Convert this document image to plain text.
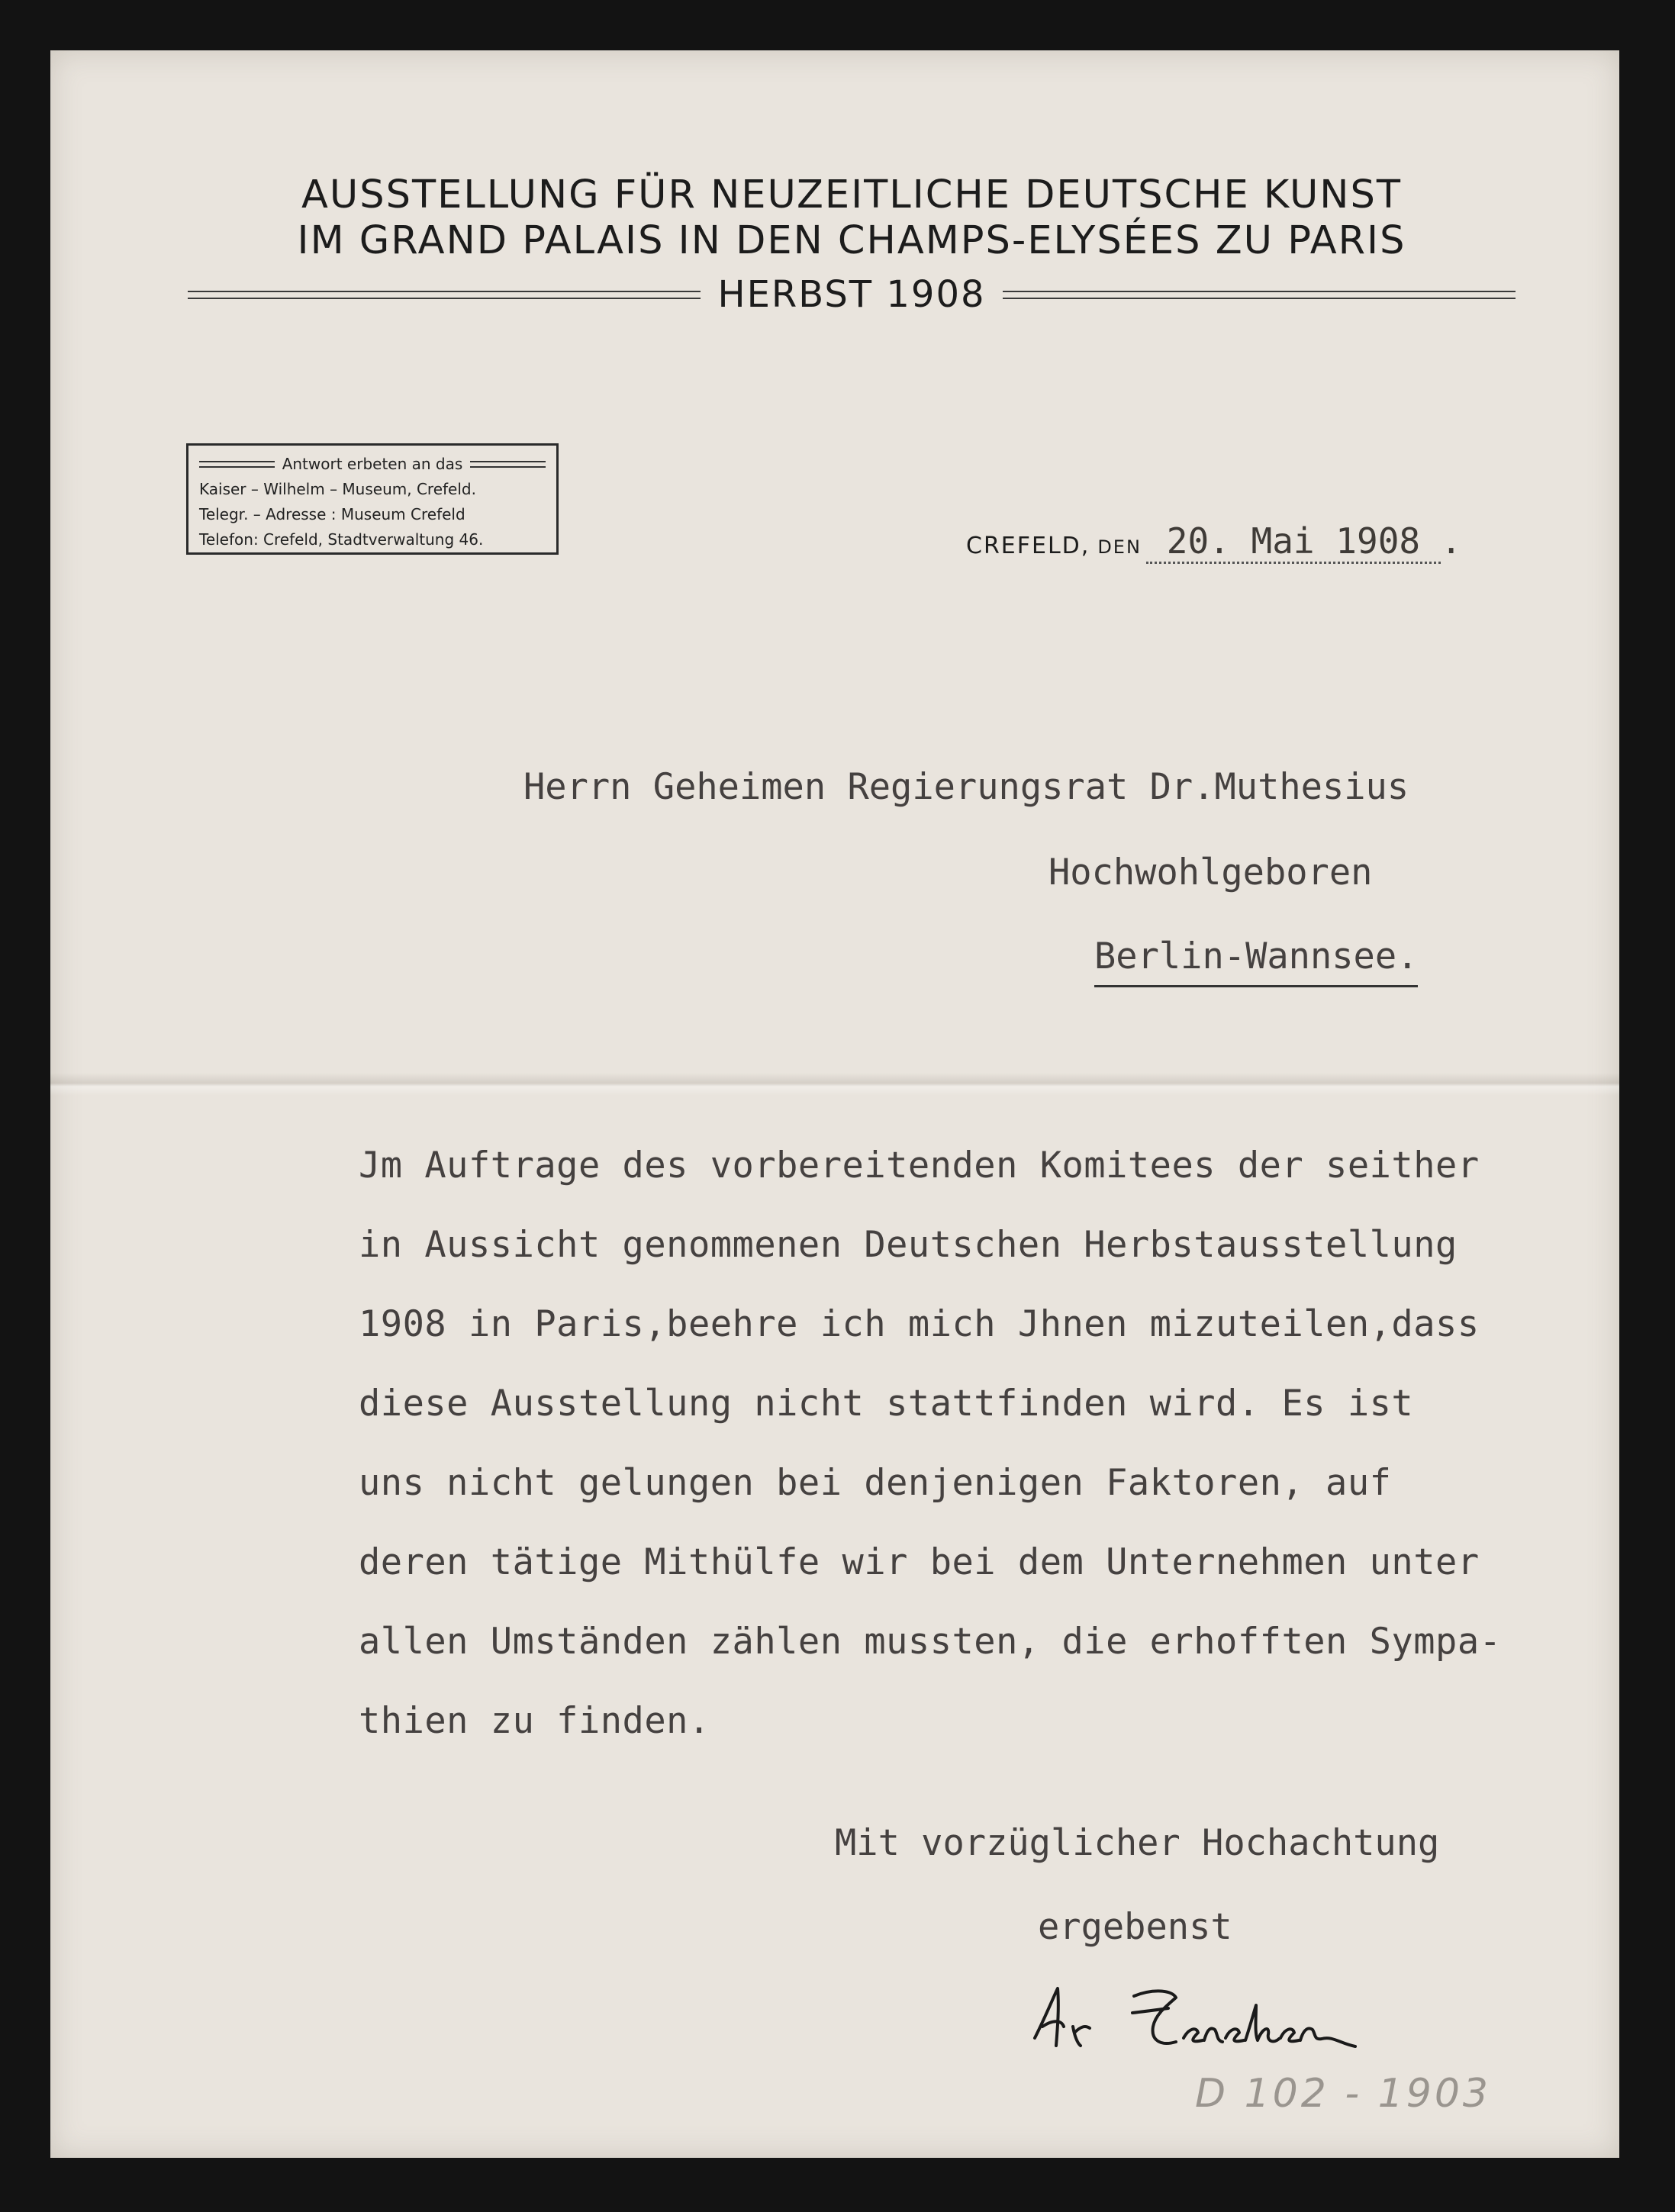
AUSSTELLUNG FÜR NEUZEITLICHE DEUTSCHE KUNST
IM GRAND PALAIS IN DEN CHAMPS-ELYSÉES ZU PARIS
HERBST 1908
Antwort erbeten an das
Kaiser – Wilhelm – Museum, Crefeld.
Telegr. – Adresse : Museum Crefeld
Telefon: Crefeld, Stadtverwaltung 46.	CREFELD, DEN 20. Mai 1908 .
Herrn Geheimen Regierungsrat Dr.Muthesius
Hochwohlgeboren
Berlin-Wannsee.
Jm Auftrage des vorbereitenden Komitees der seither
in Aussicht genommenen Deutschen Herbstausstellung
1908 in Paris,beehre ich mich Jhnen mizuteilen,dass
diese Ausstellung nicht stattfinden wird. Es ist
uns nicht gelungen bei denjenigen Faktoren, auf
deren tätige Mithülfe wir bei dem Unternehmen unter
allen Umständen zählen mussten, die erhofften Sympa-
thien zu finden.
Mit vorzüglicher Hochachtung
ergebenst
D 102 - 1903
